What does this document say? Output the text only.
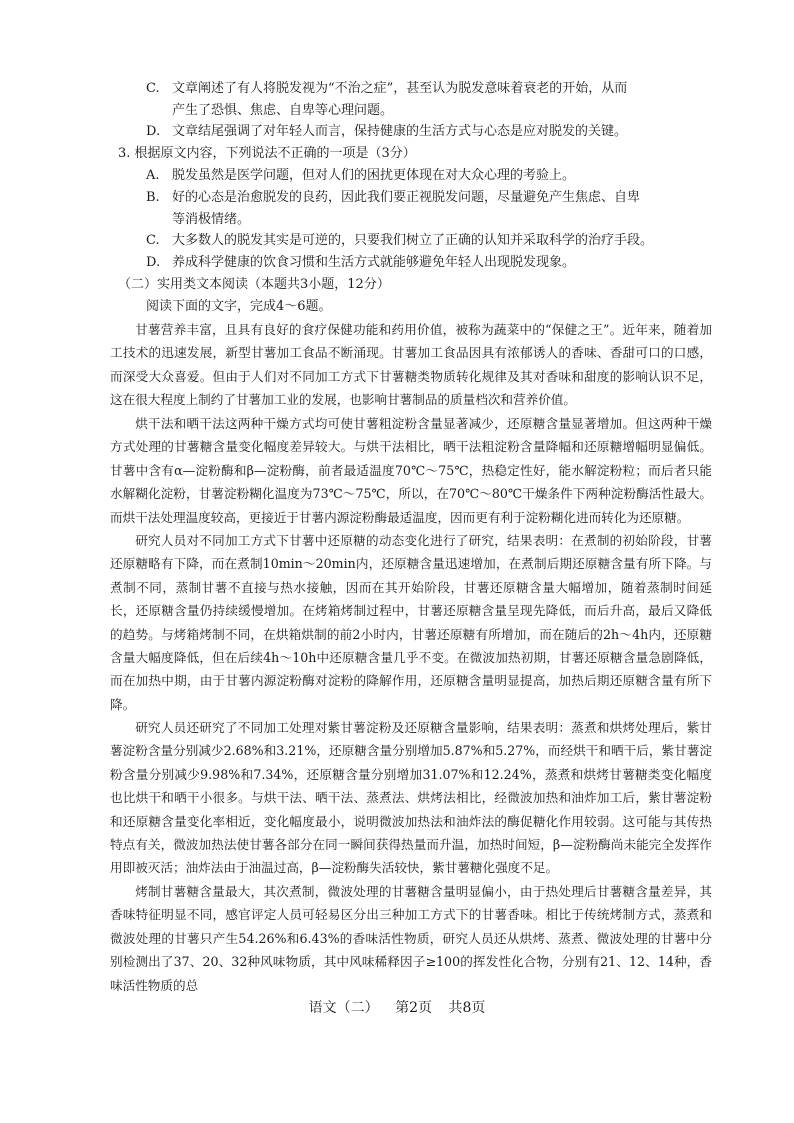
C. 文章阐述了有人将脱发视为“不治之症”，甚至认为脱发意味着衰老的开始，从而
产生了恐惧、焦虑、自卑等心理问题。
D. 文章结尾强调了对年轻人而言，保持健康的生活方式与心态是应对脱发的关键。
3. 根据原文内容，下列说法不正确的一项是（3分）
A. 脱发虽然是医学问题，但对人们的困扰更体现在对大众心理的考验上。
B. 好的心态是治愈脱发的良药，因此我们要正视脱发问题，尽量避免产生焦虑、自卑
等消极情绪。
C. 大多数人的脱发其实是可逆的，只要我们树立了正确的认知并采取科学的治疗手段。
D. 养成科学健康的饮食习惯和生活方式就能够避免年轻人出现脱发现象。
（二）实用类文本阅读（本题共3小题，12分）
阅读下面的文字，完成4～6题。

甘薯营养丰富，且具有良好的食疗保健功能和药用价值，被称为蔬菜中的“保健之王”。近年来，随着加工技术的迅速发展，新型甘薯加工食品不断涌现。甘薯加工食品因具有浓郁诱人的香味、香甜可口的口感，而深受大众喜爱。但由于人们对不同加工方式下甘薯糖类物质转化规律及其对香味和甜度的影响认识不足，这在很大程度上制约了甘薯加工业的发展，也影响甘薯制品的质量档次和营养价值。

烘干法和晒干法这两种干燥方式均可使甘薯粗淀粉含量显著减少，还原糖含量显著增加。但这两种干燥方式处理的甘薯糖含量变化幅度差异较大。与烘干法相比，晒干法粗淀粉含量降幅和还原糖增幅明显偏低。甘薯中含有α—淀粉酶和β—淀粉酶，前者最适温度70℃～75℃，热稳定性好，能水解淀粉粒；而后者只能水解糊化淀粉，甘薯淀粉糊化温度为73℃～75℃，所以，在70℃～80℃干燥条件下两种淀粉酶活性最大。而烘干法处理温度较高，更接近于甘薯内源淀粉酶最适温度，因而更有利于淀粉糊化进而转化为还原糖。

研究人员对不同加工方式下甘薯中还原糖的动态变化进行了研究，结果表明：在煮制的初始阶段，甘薯还原糖略有下降，而在煮制10min～20min内，还原糖含量迅速增加，在煮制后期还原糖含量有所下降。与煮制不同，蒸制甘薯不直接与热水接触，因而在其开始阶段，甘薯还原糖含量大幅增加，随着蒸制时间延长，还原糖含量仍持续缓慢增加。在烤箱烤制过程中，甘薯还原糖含量呈现先降低，而后升高，最后又降低的趋势。与烤箱烤制不同，在烘箱烘制的前2小时内，甘薯还原糖有所增加，而在随后的2h～4h内，还原糖含量大幅度降低，但在后续4h～10h中还原糖含量几乎不变。在微波加热初期，甘薯还原糖含量急剧降低，而在加热中期，由于甘薯内源淀粉酶对淀粉的降解作用，还原糖含量明显提高，加热后期还原糖含量有所下降。

研究人员还研究了不同加工处理对紫甘薯淀粉及还原糖含量影响，结果表明：蒸煮和烘烤处理后，紫甘薯淀粉含量分别减少2.68%和3.21%，还原糖含量分别增加5.87%和5.27%，而经烘干和晒干后，紫甘薯淀粉含量分别减少9.98%和7.34%，还原糖含量分别增加31.07%和12.24%，蒸煮和烘烤甘薯糖类变化幅度也比烘干和晒干小很多。与烘干法、晒干法、蒸煮法、烘烤法相比，经微波加热和油炸加工后，紫甘薯淀粉和还原糖含量变化率相近，变化幅度最小，说明微波加热法和油炸法的酶促糖化作用较弱。这可能与其传热特点有关，微波加热法使甘薯各部分在同一瞬间获得热量而升温，加热时间短，β—淀粉酶尚未能完全发挥作用即被灭活；油炸法由于油温过高，β—淀粉酶失活较快，紫甘薯糖化强度不足。

烤制甘薯糖含量最大，其次煮制，微波处理的甘薯糖含量明显偏小，由于热处理后甘薯糖含量差异，其香味特征明显不同，感官评定人员可轻易区分出三种加工方式下的甘薯香味。相比于传统烤制方式，蒸煮和微波处理的甘薯只产生54.26%和6.43%的香味活性物质，研究人员还从烘烤、蒸煮、微波处理的甘薯中分别检测出了37、20、32种风味物质，其中风味稀释因子≥100的挥发性化合物，分别有21、12、14种，香味活性物质的总

语文（二） 第2页 共8页
